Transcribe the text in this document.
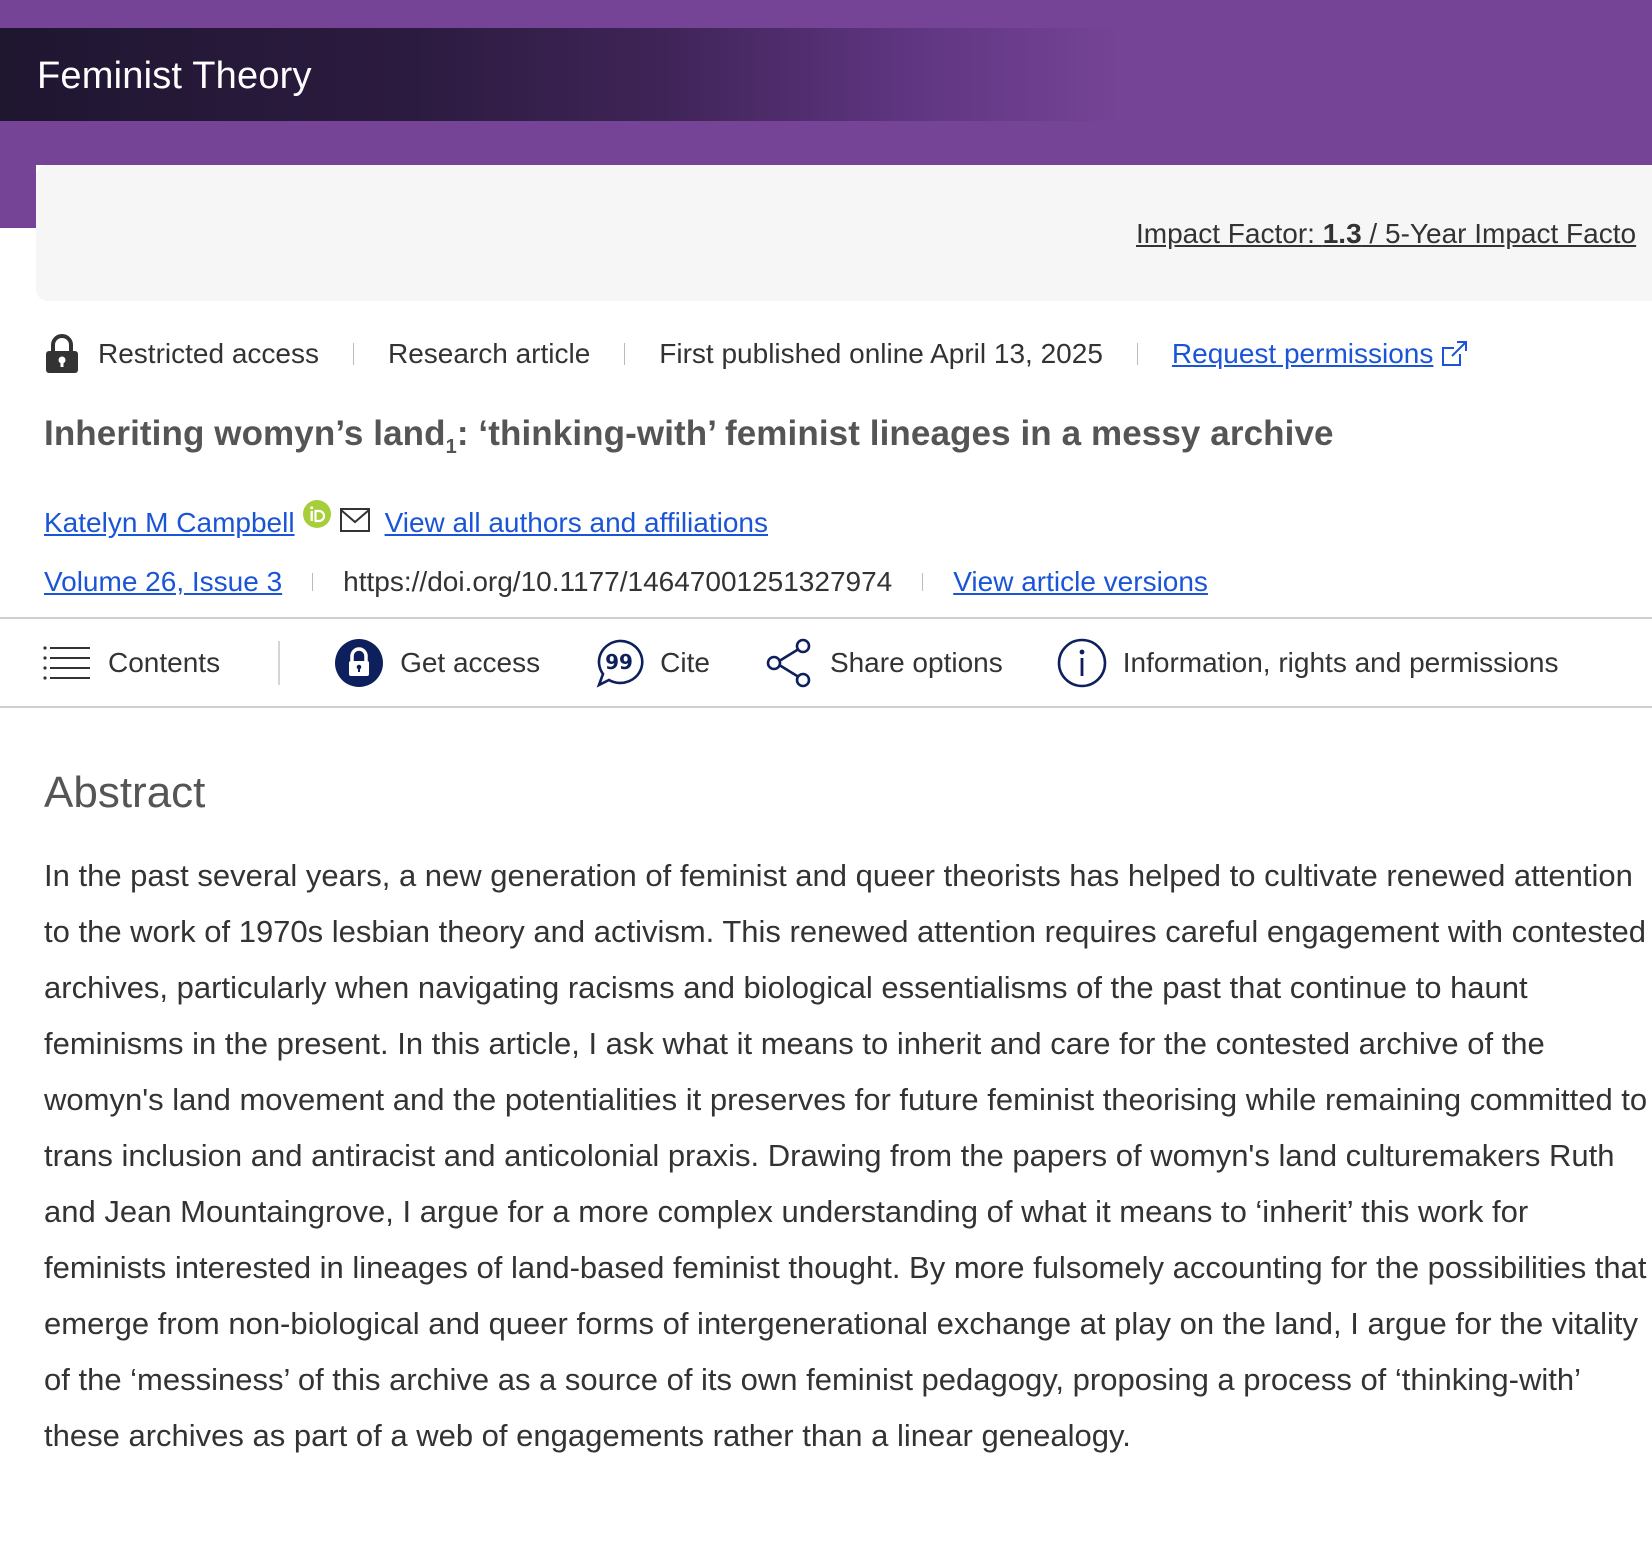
Feminist Theory
Impact Factor: 1.3 / 5-Year Impact Facto
Restricted access Research article First published online April 13, 2025 Request permissions
Inheriting womyn’s land$_1$: ‘thinking-with’ feminist lineages in a messy archive
Katelyn M Campbell	View all authors and affiliations
Volume 26, Issue 3 https://doi.org/10.1177/14647001251327974 View article versions
Contents	Get access	99 Cite	Share options	Information, rights and permissions
Abstract

In the past several years, a new generation of feminist and queer theorists has helped to cultivate renewed attention to the work of 1970s lesbian theory and activism. This renewed attention requires careful engagement with contested archives, particularly when navigating racisms and biological essentialisms of the past that continue to haunt feminisms in the present. In this article, I ask what it means to inherit and care for the contested archive of the womyn's land movement and the potentialities it preserves for future feminist theorising while remaining committed to trans inclusion and antiracist and anticolonial praxis. Drawing from the papers of womyn's land culturemakers Ruth and Jean Mountaingrove, I argue for a more complex understanding of what it means to ‘inherit’ this work for feminists interested in lineages of land-based feminist thought. By more fulsomely accounting for the possibilities that emerge from non-biological and queer forms of intergenerational exchange at play on the land, I argue for the vitality of the ‘messiness’ of this archive as a source of its own feminist pedagogy, proposing a process of ‘thinking-with’ these archives as part of a web of engagements rather than a linear genealogy.
